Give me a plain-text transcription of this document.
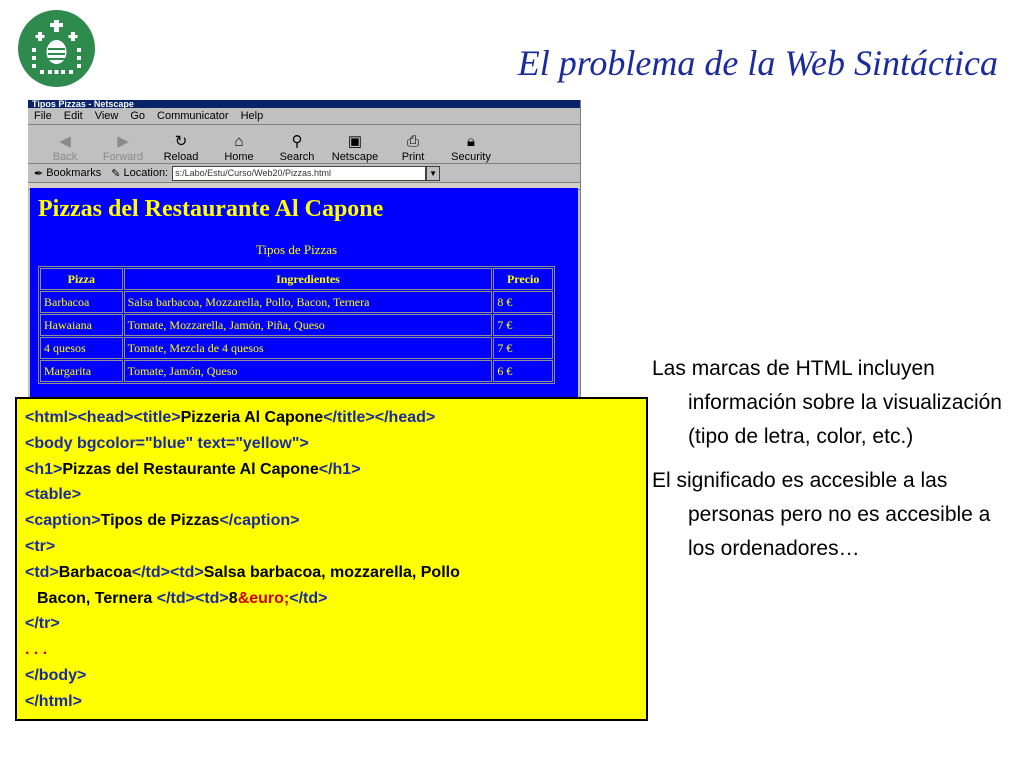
El problema de la Web Sintáctica
Tipos Pizzas - Netscape
File Edit View Go Communicator Help
◀
Back
▶
Forward
↻
Reload
⌂
Home
⚲
Search
▣
Netscape
⎙
Print
🔒︎
Security
✒ Bookmarks ✎ Location: s:/Labo/Estu/Curso/Web20/Pizzas.html	▼
Pizzas del Restaurante Al Capone
Tipos de Pizzas
Pizza	Ingredientes	Precio
Barbacoa	Salsa barbacoa, Mozzarella, Pollo, Bacon, Ternera	8 €
Hawaiana	Tomate, Mozzarella, Jamón, Piña, Queso	7 €
4 quesos	Tomate, Mezcla de 4 quesos	7 €
Margarita	Tomate, Jamón, Queso	6 €
<html><head><title>Pizzeria Al Capone</title></head>
<body bgcolor="blue" text="yellow">
<h1>Pizzas del Restaurante Al Capone</h1>
<table>
<caption>Tipos de Pizzas</caption>
<tr>
<td>Barbacoa</td><td>Salsa barbacoa, mozzarella, Pollo
Bacon, Ternera </td><td>8&euro;</td>
</tr>
. . .
</body>
</html>
Las marcas de HTML incluyen información sobre la visualización (tipo de letra, color, etc.)
El significado es accesible a las personas pero no es accesible a los ordenadores…
